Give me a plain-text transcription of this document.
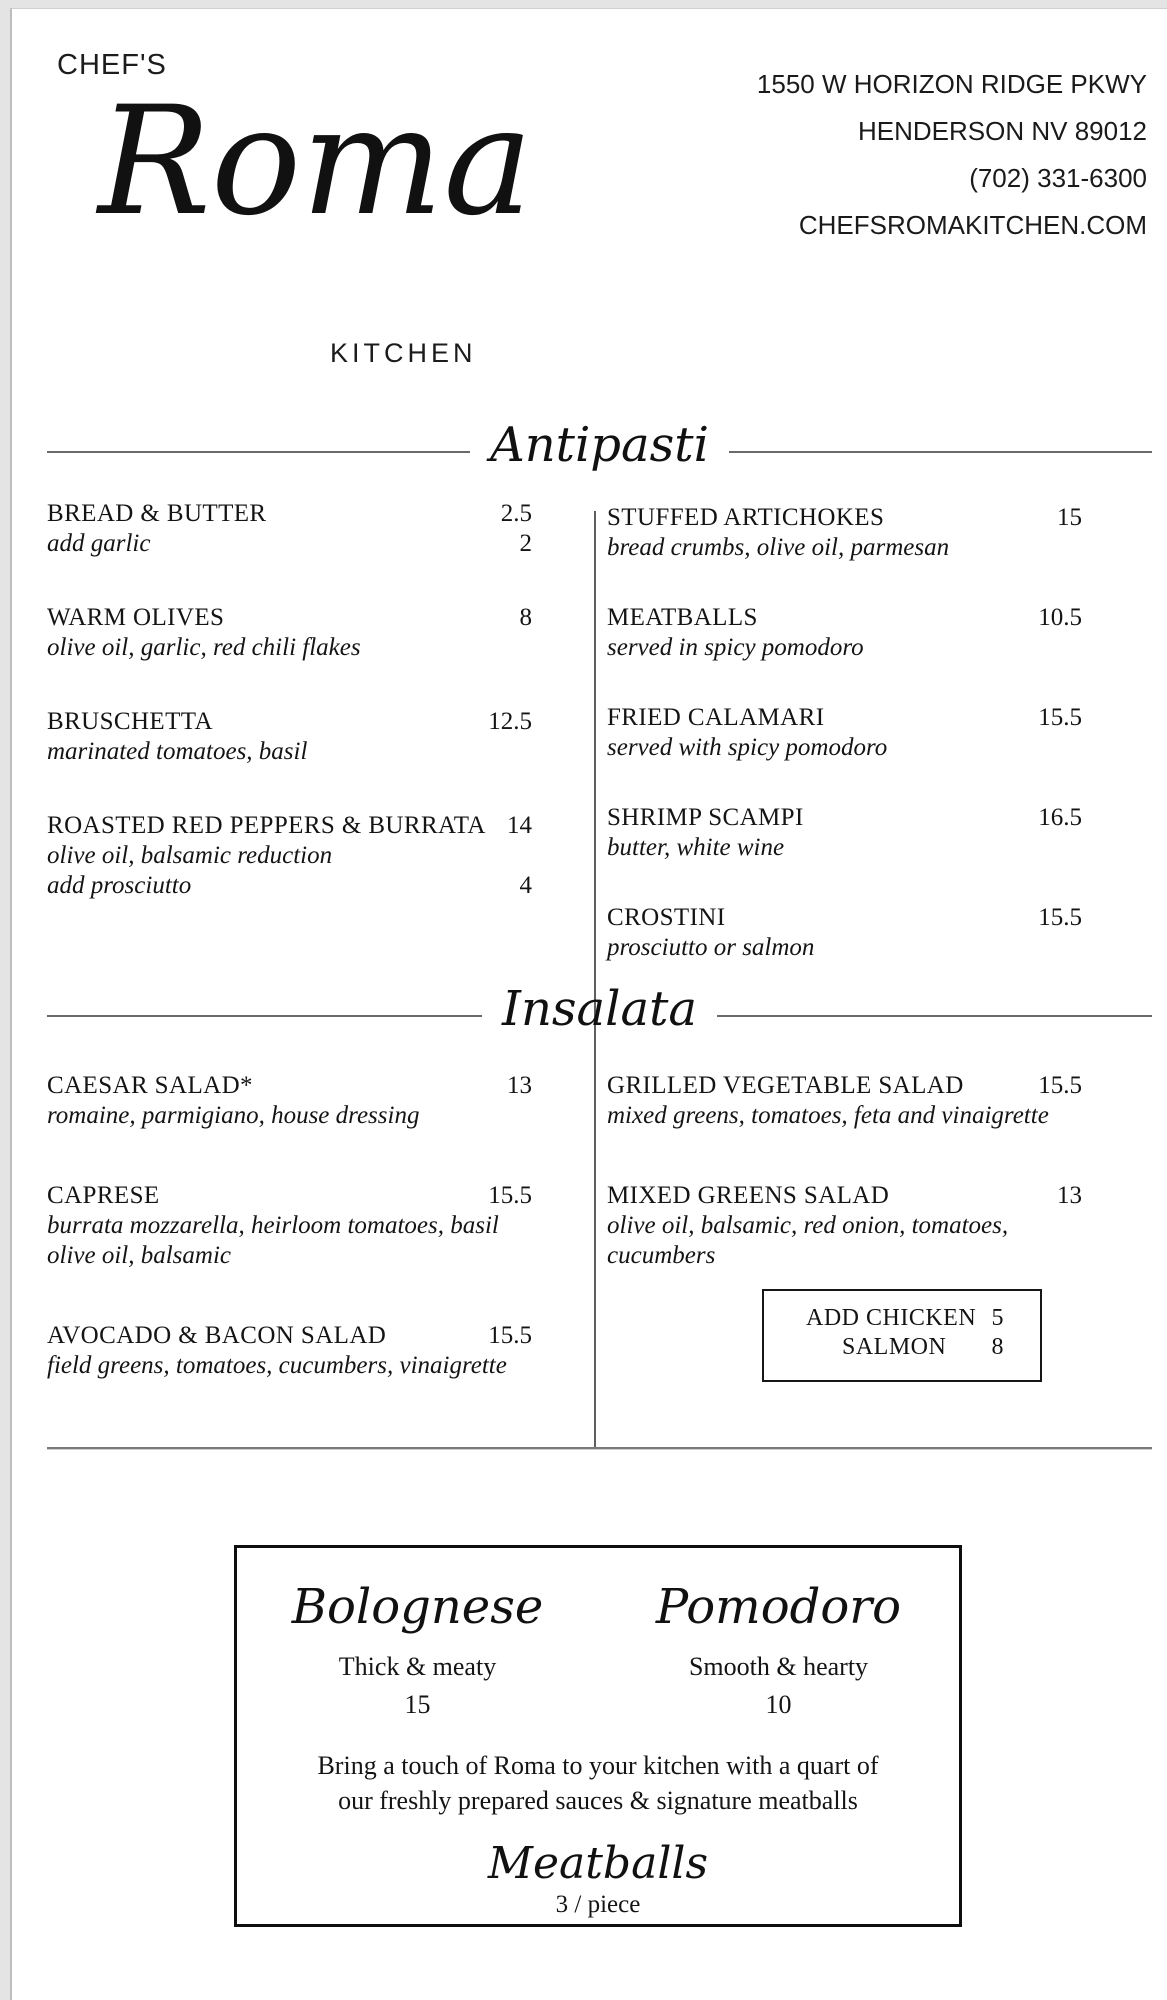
CHEF'S
Roma
KITCHEN
1550 W HORIZON RIDGE PKWY
HENDERSON NV 89012
(702) 331-6300
CHEFSROMAKITCHEN.COM
Antipasti
BREAD & BUTTER	2.5
add garlic	2
WARM OLIVES	8
olive oil, garlic, red chili flakes
BRUSCHETTA	12.5
marinated tomatoes, basil
ROASTED RED PEPPERS & BURRATA 14
olive oil, balsamic reduction
add prosciutto	4
STUFFED ARTICHOKES	15
bread crumbs, olive oil, parmesan
MEATBALLS	10.5
served in spicy pomodoro
FRIED CALAMARI	15.5
served with spicy pomodoro
SHRIMP SCAMPI	16.5
butter, white wine
CROSTINI	15.5
prosciutto or salmon
Insalata
CAESAR SALAD*	13
romaine, parmigiano, house dressing
CAPRESE	15.5
burrata mozzarella, heirloom tomatoes, basil
olive oil, balsamic
AVOCADO & BACON SALAD	15.5
field greens, tomatoes, cucumbers, vinaigrette
GRILLED VEGETABLE SALAD	15.5
mixed greens, tomatoes, feta and vinaigrette
MIXED GREENS SALAD	13
olive oil, balsamic, red onion, tomatoes,
cucumbers
ADD CHICKEN 5
SALMON	8
Bolognese
Thick & meaty
15
Pomodoro
Smooth & hearty
10
Bring a touch of Roma to your kitchen with a quart of
our freshly prepared sauces & signature meatballs
Meatballs
3 / piece
